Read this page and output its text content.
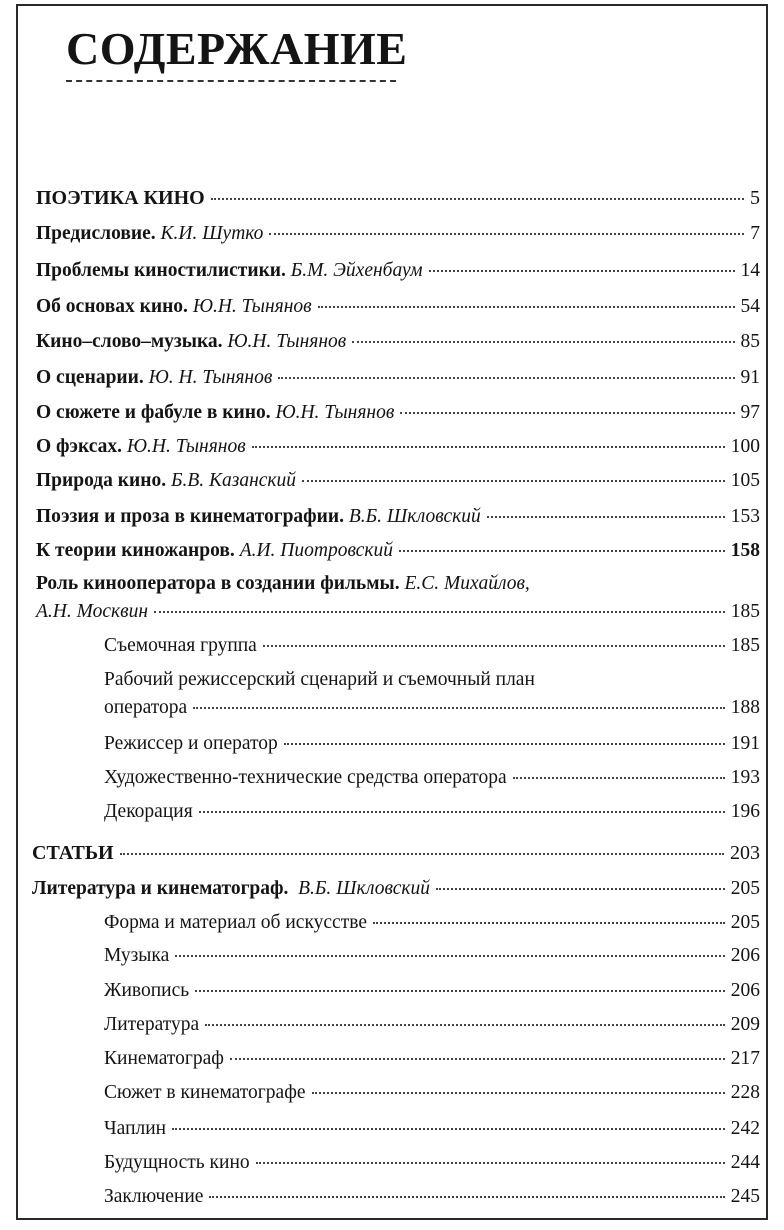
СОДЕРЖАНИЕ
ПОЭТИКА КИНО	5
Предисловие. К.И. Шутко	7
Проблемы киностилистики. Б.М. Эйхенбаум	14
Об основах кино. Ю.Н. Тынянов	54
Кино–слово–музыка. Ю.Н. Тынянов	85
О сценарии. Ю. Н. Тынянов	91
О сюжете и фабуле в кино. Ю.Н. Тынянов	97
О фэксах. Ю.Н. Тынянов	100
Природа кино. Б.В. Казанский	105
Поэзия и проза в кинематографии. В.Б. Шкловский	153
К теории киножанров. А.И. Пиотровский	158
Роль кинооператора в создании фильмы. Е.С. Михайлов,
А.Н. Москвин	185
Съемочная группа	185
Рабочий режиссерский сценарий и съемочный план
оператора	188
Режиссер и оператор	191
Художественно-технические средства оператора	193
Декорация	196
СТАТЬИ	203
Литература и кинематограф. В.Б. Шкловский	205
Форма и материал об искусстве	205
Музыка	206
Живопись	206
Литература	209
Кинематограф	217
Сюжет в кинематографе	228
Чаплин	242
Будущность кино	244
Заключение	245
